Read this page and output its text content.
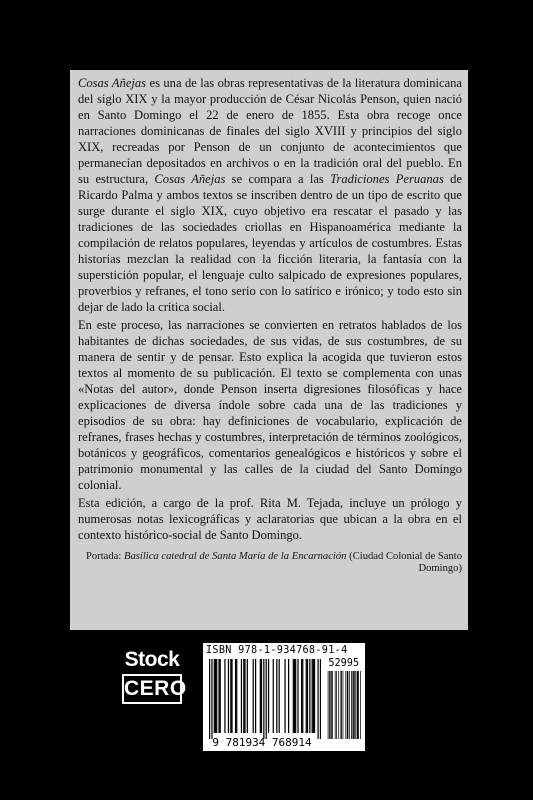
Cosas Añejas es una de las obras representativas de la literatura dominicana del siglo XIX y la mayor producción de César Nicolás Penson, quien nació en Santo Domingo el 22 de enero de 1855. Esta obra recoge once narraciones dominicanas de finales del siglo XVIII y principios del siglo XIX, recreadas por Penson de un conjunto de acontecimientos que permanecían depositados en archivos o en la tradición oral del pueblo. En su estructura, Cosas Añejas se compara a las Tradiciones Peruanas de Ricardo Palma y ambos textos se inscriben dentro de un tipo de escrito que surge durante el siglo XIX, cuyo objetivo era rescatar el pasado y las tradiciones de las sociedades criollas en Hispanoamérica mediante la compilación de relatos populares, leyendas y artículos de costumbres. Estas historias mezclan la realidad con la ficción literaria, la fantasía con la superstición popular, el lenguaje culto salpicado de expresiones populares, proverbios y refranes, el tono serio con lo satírico e irónico; y todo esto sin dejar de lado la crítica social.

En este proceso, las narraciones se convierten en retratos hablados de los habitantes de dichas sociedades, de sus vidas, de sus costumbres, de su manera de sentir y de pensar. Esto explica la acogida que tuvieron estos textos al momento de su publicación. El texto se complementa con unas «Notas del autor», donde Penson inserta digresiones filosóficas y hace explicaciones de diversa índole sobre cada una de las tradiciones y episodios de su obra: hay definiciones de vocabulario, explicación de refranes, frases hechas y costumbres, interpretación de términos zoológicos, botánicos y geográficos, comentarios genealógicos e históricos y sobre el patrimonio monumental y las calles de la ciudad del Santo Domingo colonial.

Esta edición, a cargo de la prof. Rita M. Tejada, incluye un prólogo y numerosas notas lexicográficas y aclaratorias que ubican a la obra en el contexto histórico-social de Santo Domingo.

Portada: Basílica catedral de Santa María de la Encarnación (Ciudad Colonial de Santo Domingo)

Stock
CERO
ISBN 978-1-934768-91-4
52995
9 781934 768914
